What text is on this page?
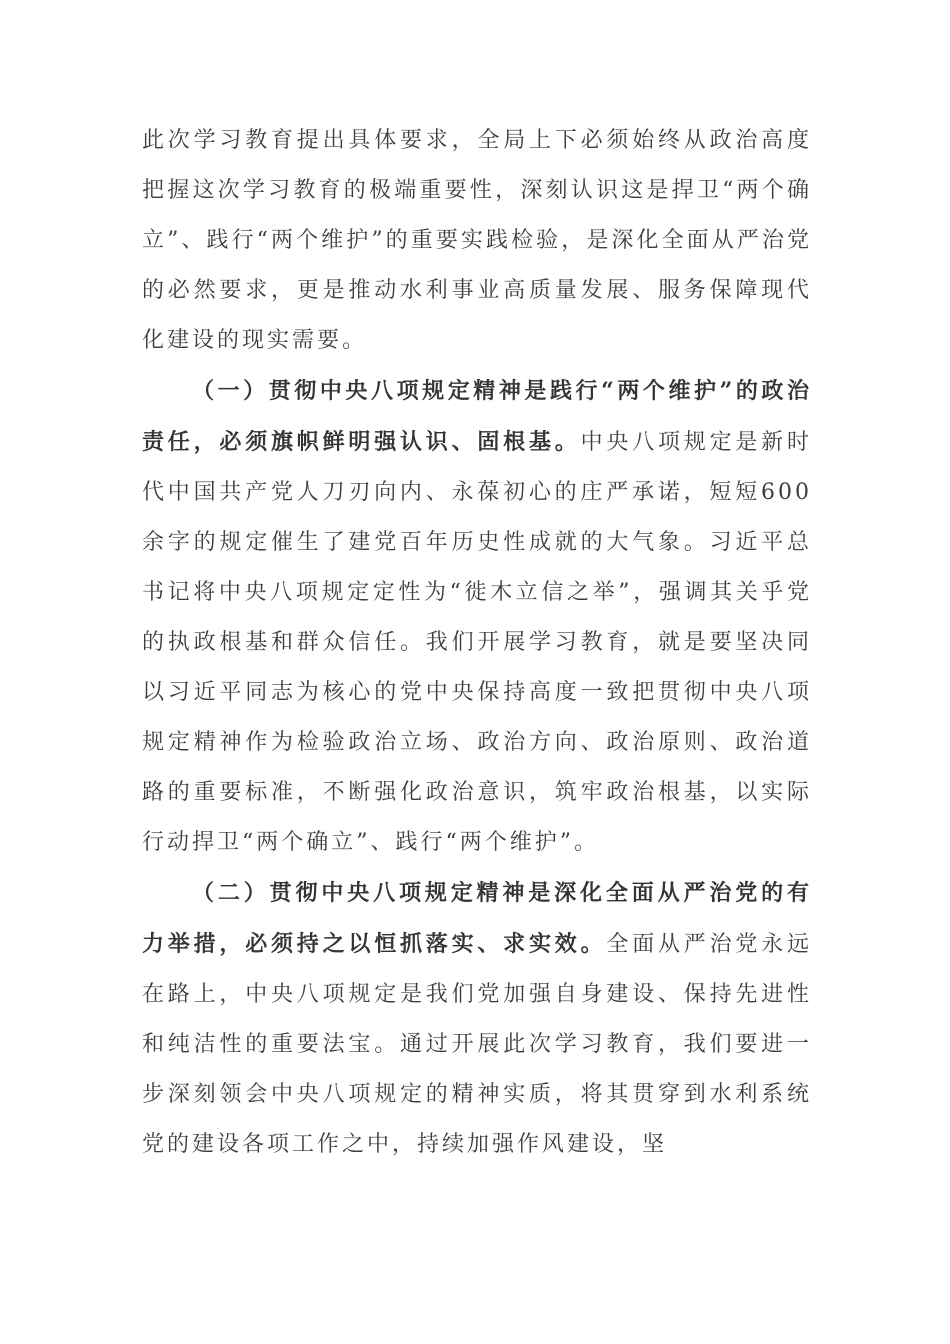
此次学习教育提出具体要求，全局上下必须始终从政治高度把握这次学习教育的极端重要性，深刻认识这是捍卫“两个确立”、践行“两个维护”的重要实践检验，是深化全面从严治党的必然要求，更是推动水利事业高质量发展、服务保障现代化建设的现实需要。

（一）贯彻中央八项规定精神是践行“两个维护”的政治责任，必须旗帜鲜明强认识、固根基。中央八项规定是新时代中国共产党人刀刃向内、永葆初心的庄严承诺，短短600余字的规定催生了建党百年历史性成就的大气象。习近平总书记将中央八项规定定性为“徙木立信之举”，强调其关乎党的执政根基和群众信任。我们开展学习教育，就是要坚决同以习近平同志为核心的党中央保持高度一致把贯彻中央八项规定精神作为检验政治立场、政治方向、政治原则、政治道路的重要标准，不断强化政治意识，筑牢政治根基，以实际行动捍卫“两个确立”、践行“两个维护”。

（二）贯彻中央八项规定精神是深化全面从严治党的有力举措，必须持之以恒抓落实、求实效。全面从严治党永远在路上，中央八项规定是我们党加强自身建设、保持先进性和纯洁性的重要法宝。通过开展此次学习教育，我们要进一步深刻领会中央八项规定的精神实质，将其贯穿到水利系统党的建设各项工作之中，持续加强作风建设，坚
